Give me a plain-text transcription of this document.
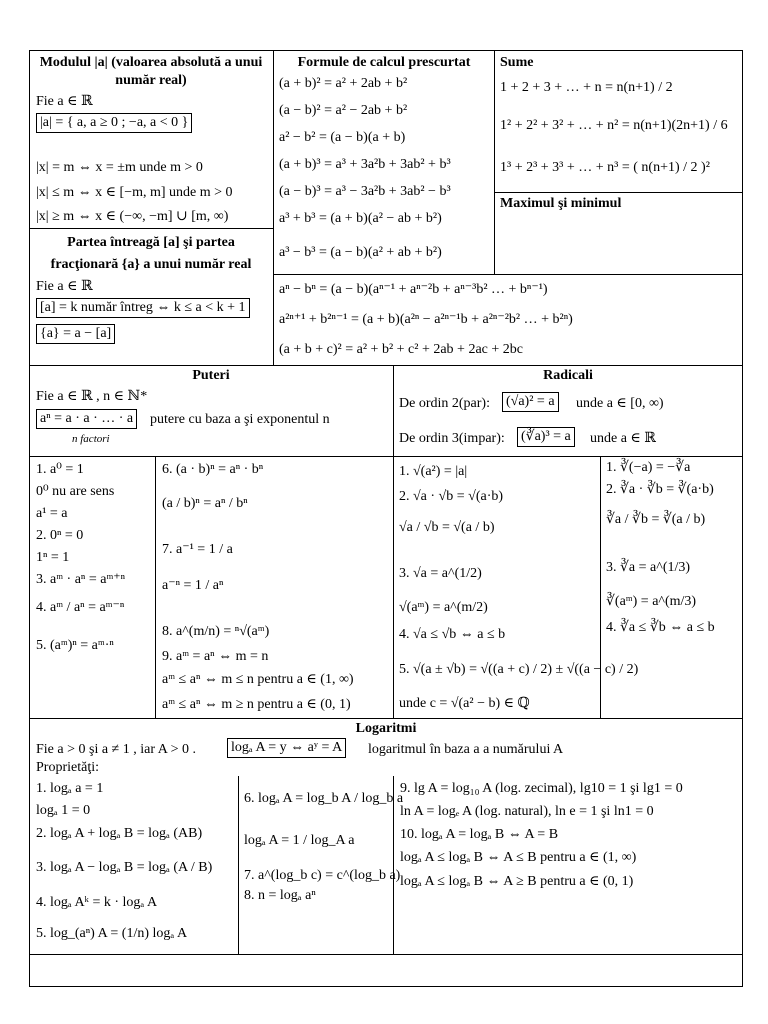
Modulul |a| (valoarea absolută a unui număr real)
Fie a ∈ ℝ
|a| = { a, a ≥ 0 ; −a, a < 0 }
|x| = m ⇔ x = ±m unde m > 0
|x| ≤ m ⇔ x ∈ [−m, m] unde m > 0
|x| ≥ m ⇔ x ∈ (−∞, −m] ∪ [m, ∞)
Partea întreagă [a] şi partea fracţionară {a} a unui număr real
Fie a ∈ ℝ
[a] = k număr întreg ⇔ k ≤ a < k + 1
{a} = a − [a]
Formule de calcul prescurtat
(a + b)² = a² + 2ab + b²
(a − b)² = a² − 2ab + b²
a² − b² = (a − b)(a + b)
(a + b)³ = a³ + 3a²b + 3ab² + b³
(a − b)³ = a³ − 3a²b + 3ab² − b³
a³ + b³ = (a + b)(a² − ab + b²)
a³ − b³ = (a − b)(a² + ab + b²)
aⁿ − bⁿ = (a − b)(aⁿ⁻¹ + aⁿ⁻²b + aⁿ⁻³b² … + bⁿ⁻¹)
a²ⁿ⁺¹ + b²ⁿ⁻¹ = (a + b)(a²ⁿ − a²ⁿ⁻¹b + a²ⁿ⁻²b² … + b²ⁿ)
(a + b + c)² = a² + b² + c² + 2ab + 2ac + 2bc
Sume
1 + 2 + 3 + … + n = n(n+1) / 2
1² + 2² + 3² + … + n² = n(n+1)(2n+1) / 6
1³ + 2³ + 3³ + … + n³ = ( n(n+1) / 2 )²
Maximul şi minimul
Puteri
Fie a ∈ ℝ , n ∈ ℕ*
aⁿ = a · a · … · a
n factori
putere cu baza a şi exponentul n
1. a⁰ = 1
0⁰ nu are sens
a¹ = a
2. 0ⁿ = 0
1ⁿ = 1
3. aᵐ · aⁿ = aᵐ⁺ⁿ
4. aᵐ / aⁿ = aᵐ⁻ⁿ
5. (aᵐ)ⁿ = aᵐ·ⁿ
6. (a · b)ⁿ = aⁿ · bⁿ
(a / b)ⁿ = aⁿ / bⁿ
7. a⁻¹ = 1 / a
a⁻ⁿ = 1 / aⁿ
8. a^(m/n) = ⁿ√(aᵐ)
9. aᵐ = aⁿ ⇔ m = n
aᵐ ≤ aⁿ ⇔ m ≤ n pentru a ∈ (1, ∞)
aᵐ ≤ aⁿ ⇔ m ≥ n pentru a ∈ (0, 1)
Radicali
De ordin 2(par): (√a)² = a unde a ∈ [0, ∞)
De ordin 3(impar): (∛a)³ = a unde a ∈ ℝ
1. √(a²) = |a|
2. √a · √b = √(a·b)
√a / √b = √(a / b)
3. √a = a^(1/2)
√(aᵐ) = a^(m/2)
4. √a ≤ √b ⇔ a ≤ b
5. √(a ± √b) = √((a + c) / 2) ± √((a − c) / 2)
unde c = √(a² − b) ∈ ℚ
1. ∛(−a) = −∛a
2. ∛a · ∛b = ∛(a·b)
∛a / ∛b = ∛(a / b)
3. ∛a = a^(1/3)
∛(aᵐ) = a^(m/3)
4. ∛a ≤ ∛b ⇔ a ≤ b
Logaritmi
Fie a > 0 şi a ≠ 1 , iar A > 0 .	logₐ A = y ⇔ aʸ = A logaritmul în baza a a numărului A
Proprietăţi:
1. logₐ a = 1
logₐ 1 = 0
2. logₐ A + logₐ B = logₐ (AB)
3. logₐ A − logₐ B = logₐ (A / B)
4. logₐ Aᵏ = k · logₐ A
5. log_(aⁿ) A = (1/n) logₐ A
6. logₐ A = log_b A / log_b a
logₐ A = 1 / log_A a
7. a^(log_b c) = c^(log_b a)
8. n = logₐ aⁿ
9. lg A = log₁₀ A (log. zecimal), lg10 = 1 şi lg1 = 0
ln A = logₑ A (log. natural), ln e = 1 şi ln1 = 0
10. logₐ A = logₐ B ⇔ A = B
logₐ A ≤ logₐ B ⇔ A ≤ B pentru a ∈ (1, ∞)
logₐ A ≤ logₐ B ⇔ A ≥ B pentru a ∈ (0, 1)
